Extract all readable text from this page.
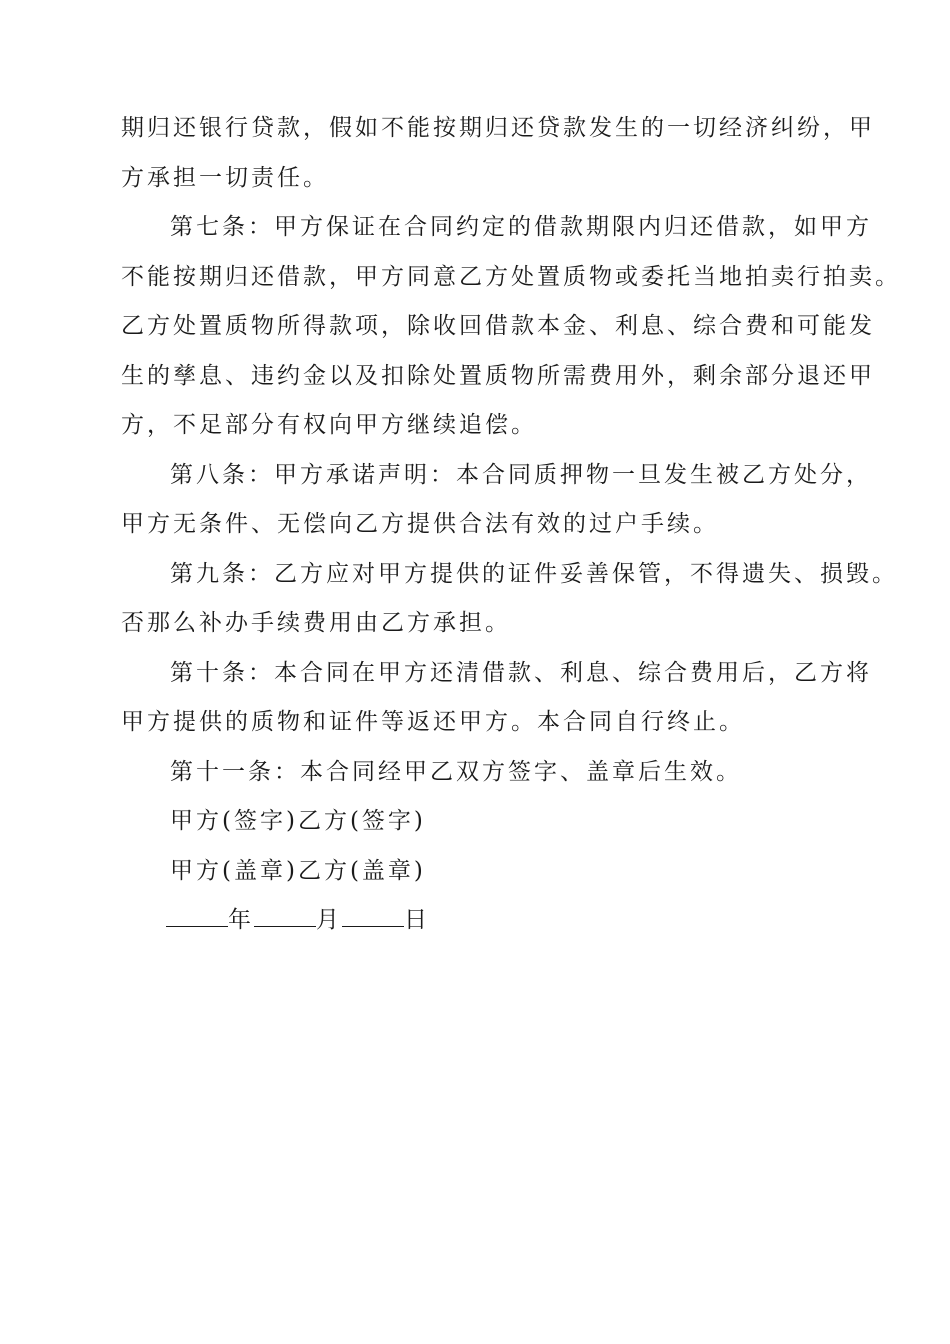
期归还银行贷款，假如不能按期归还贷款发生的一切经济纠纷，甲
方承担一切责任。
第七条：甲方保证在合同约定的借款期限内归还借款，如甲方
不能按期归还借款，甲方同意乙方处置质物或委托当地拍卖行拍卖。
乙方处置质物所得款项，除收回借款本金、利息、综合费和可能发
生的孳息、违约金以及扣除处置质物所需费用外，剩余部分退还甲
方，不足部分有权向甲方继续追偿。
第八条：甲方承诺声明：本合同质押物一旦发生被乙方处分，
甲方无条件、无偿向乙方提供合法有效的过户手续。
第九条：乙方应对甲方提供的证件妥善保管，不得遗失、损毁。
否那么补办手续费用由乙方承担。
第十条：本合同在甲方还清借款、利息、综合费用后，乙方将
甲方提供的质物和证件等返还甲方。本合同自行终止。
第十一条：本合同经甲乙双方签字、盖章后生效。
甲方(签字)乙方(签字)
甲方(盖章)乙方(盖章)
年	月	日
